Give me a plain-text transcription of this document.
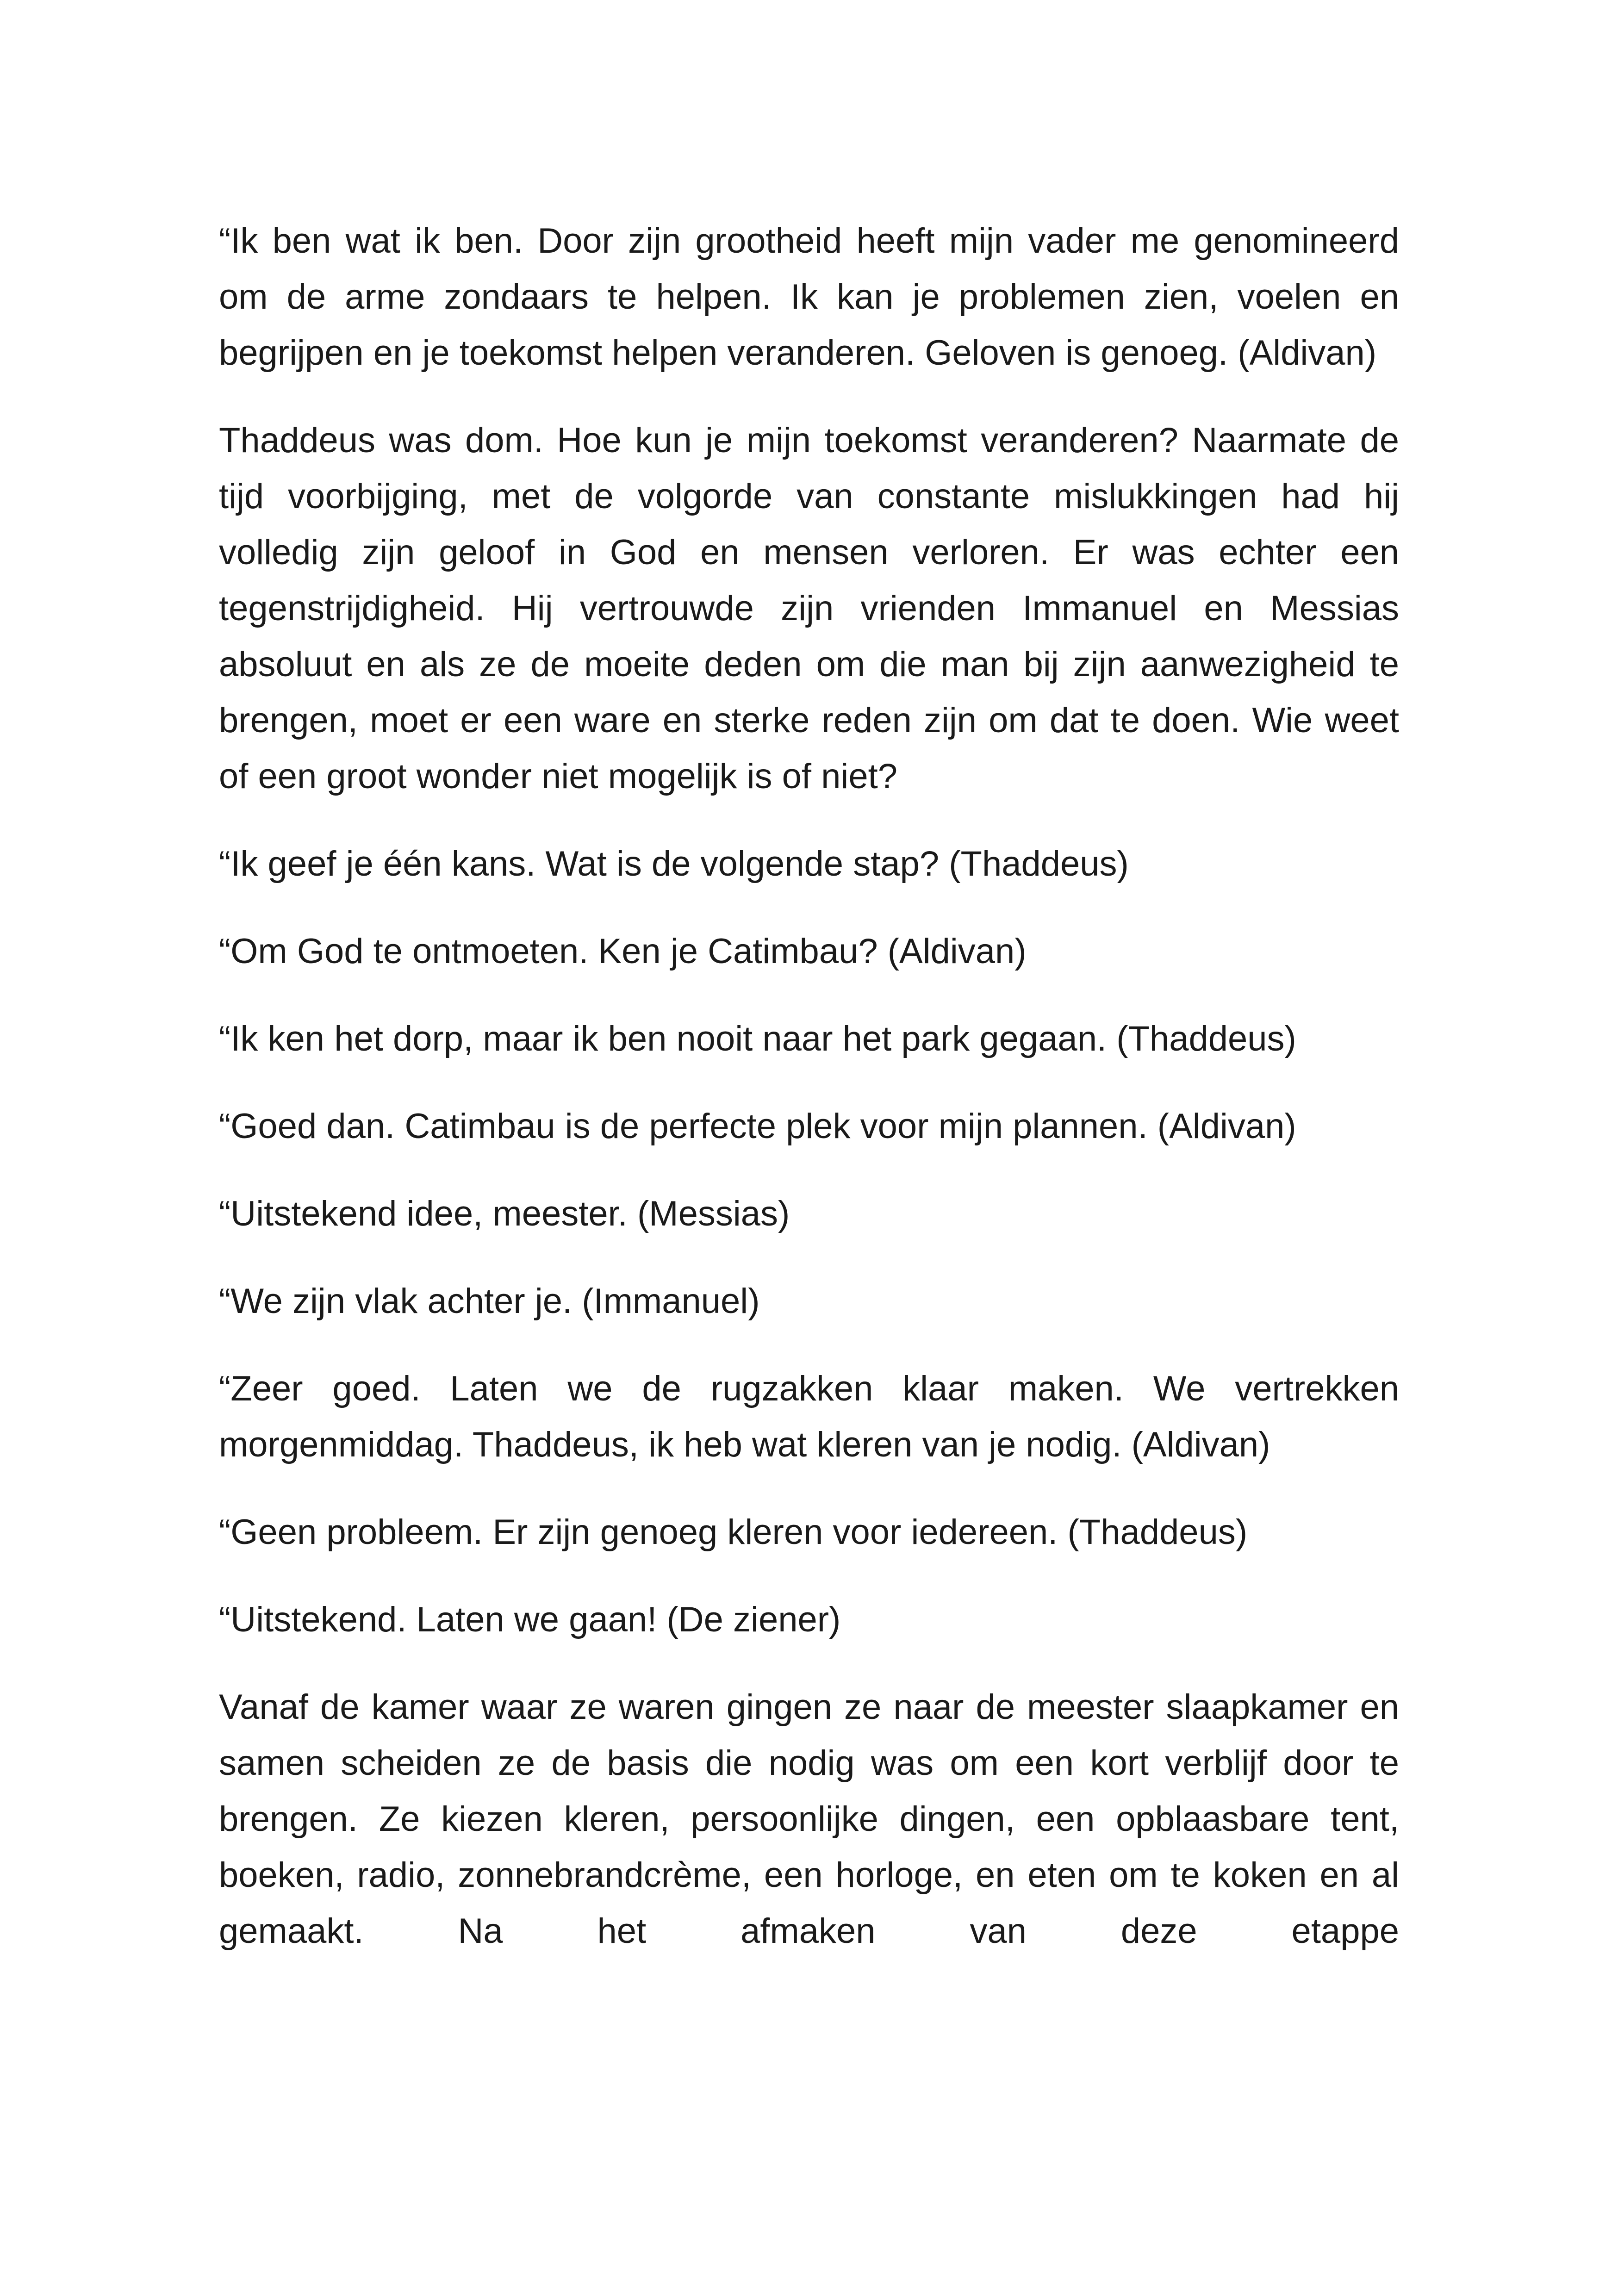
“Ik ben wat ik ben. Door zijn grootheid heeft mijn vader me genomineerd om de arme zondaars te helpen. Ik kan je problemen zien, voelen en begrijpen en je toekomst helpen veranderen. Geloven is genoeg. (Aldivan)

Thaddeus was dom. Hoe kun je mijn toekomst veranderen? Naarmate de tijd voorbijging, met de volgorde van constante mislukkingen had hij volledig zijn geloof in God en mensen verloren. Er was echter een tegenstrijdigheid. Hij vertrouwde zijn vrienden Immanuel en Messias absoluut en als ze de moeite deden om die man bij zijn aanwezigheid te brengen, moet er een ware en sterke reden zijn om dat te doen. Wie weet of een groot wonder niet mogelijk is of niet?

“Ik geef je één kans. Wat is de volgende stap? (Thaddeus)

“Om God te ontmoeten. Ken je Catimbau? (Aldivan)

“Ik ken het dorp, maar ik ben nooit naar het park gegaan. (Thaddeus)

“Goed dan. Catimbau is de perfecte plek voor mijn plannen. (Aldivan)

“Uitstekend idee, meester. (Messias)

“We zijn vlak achter je. (Immanuel)

“Zeer goed. Laten we de rugzakken klaar maken. We vertrekken morgenmiddag. Thaddeus, ik heb wat kleren van je nodig. (Aldivan)

“Geen probleem. Er zijn genoeg kleren voor iedereen. (Thaddeus)

“Uitstekend. Laten we gaan! (De ziener)

Vanaf de kamer waar ze waren gingen ze naar de meester slaapkamer en samen scheiden ze de basis die nodig was om een kort verblijf door te brengen. Ze kiezen kleren, persoonlijke dingen, een opblaasbare tent, boeken, radio, zonnebrandcrème, een horloge, en eten om te koken en al gemaakt. Na het afmaken van deze etappe
